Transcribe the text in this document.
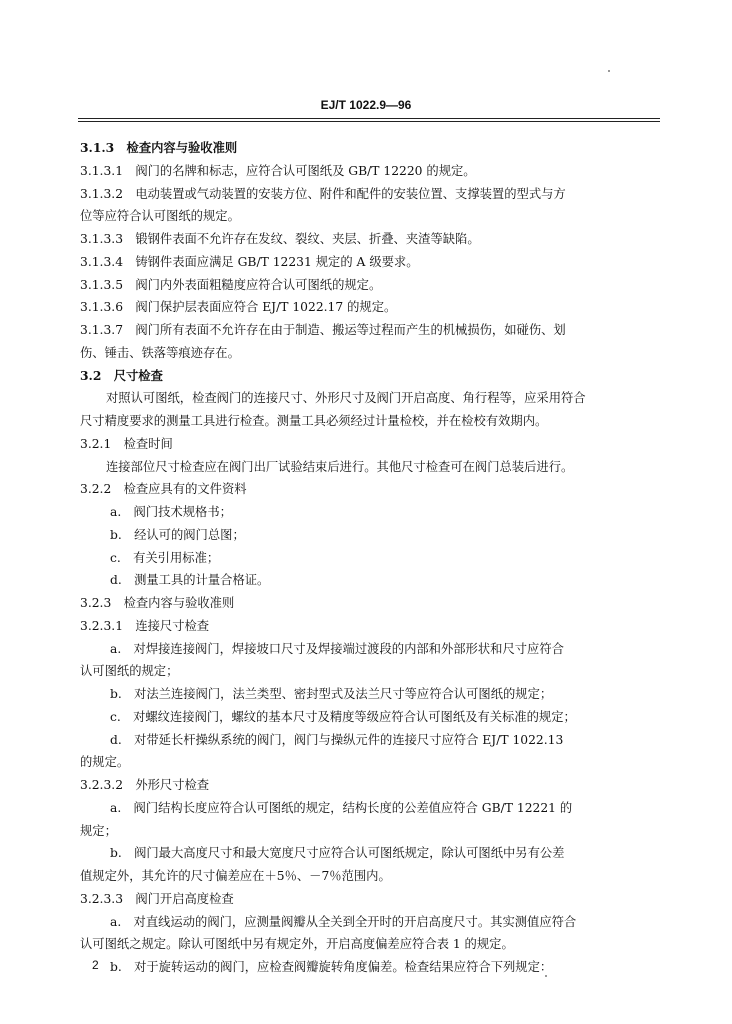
EJ/T 1022.9—96
3.1.3　检查内容与验收准则
3.1.3.1　阀门的名牌和标志，应符合认可图纸及 GB/T 12220 的规定。
3.1.3.2　电动装置或气动装置的安装方位、附件和配件的安装位置、支撑装置的型式与方
位等应符合认可图纸的规定。
3.1.3.3　锻钢件表面不允许存在发纹、裂纹、夹层、折叠、夹渣等缺陷。
3.1.3.4　铸钢件表面应满足 GB/T 12231 规定的 A 级要求。
3.1.3.5　阀门内外表面粗糙度应符合认可图纸的规定。
3.1.3.6　阀门保护层表面应符合 EJ/T 1022.17 的规定。
3.1.3.7　阀门所有表面不允许存在由于制造、搬运等过程而产生的机械损伤，如碰伤、划
伤、锤击、铁落等痕迹存在。
3.2　尺寸检查
对照认可图纸，检查阀门的连接尺寸、外形尺寸及阀门开启高度、角行程等，应采用符合
尺寸精度要求的测量工具进行检查。测量工具必须经过计量检校，并在检校有效期内。
3.2.1　检查时间
连接部位尺寸检查应在阀门出厂试验结束后进行。其他尺寸检查可在阀门总装后进行。
3.2.2　检查应具有的文件资料
a.　阀门技术规格书；
b.　经认可的阀门总图；
c.　有关引用标准；
d.　测量工具的计量合格证。
3.2.3　检查内容与验收准则
3.2.3.1　连接尺寸检查
a.　对焊接连接阀门，焊接坡口尺寸及焊接端过渡段的内部和外部形状和尺寸应符合
认可图纸的规定；
b.　对法兰连接阀门，法兰类型、密封型式及法兰尺寸等应符合认可图纸的规定；
c.　对螺纹连接阀门，螺纹的基本尺寸及精度等级应符合认可图纸及有关标准的规定；
d.　对带延长杆操纵系统的阀门，阀门与操纵元件的连接尺寸应符合 EJ/T 1022.13
的规定。
3.2.3.2　外形尺寸检查
a.　阀门结构长度应符合认可图纸的规定，结构长度的公差值应符合 GB/T 12221 的
规定；
b.　阀门最大高度尺寸和最大宽度尺寸应符合认可图纸规定，除认可图纸中另有公差
值规定外，其允许的尺寸偏差应在＋5％、－7％范围内。
3.2.3.3　阀门开启高度检查
a.　对直线运动的阀门，应测量阀瓣从全关到全开时的开启高度尺寸。其实测值应符合
认可图纸之规定。除认可图纸中另有规定外，开启高度偏差应符合表 1 的规定。
b.　对于旋转运动的阀门，应检查阀瓣旋转角度偏差。检查结果应符合下列规定：
2
